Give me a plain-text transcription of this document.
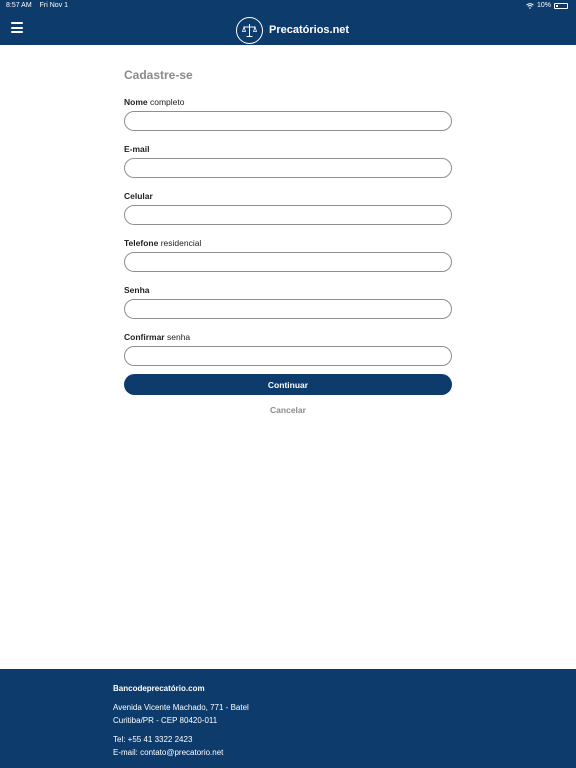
8:57 AM Fri Nov 1	10%
Precatórios.net
Cadastre-se
Nome completo
E-mail
Celular
Telefone residencial
Senha
Confirmar senha
Continuar
Cancelar
Bancodeprecatório.com
Avenida Vicente Machado, 771 - Batel
Curitiba/PR - CEP 80420-011
Tel: +55 41 3322 2423
E-mail: contato@precatorio.net
